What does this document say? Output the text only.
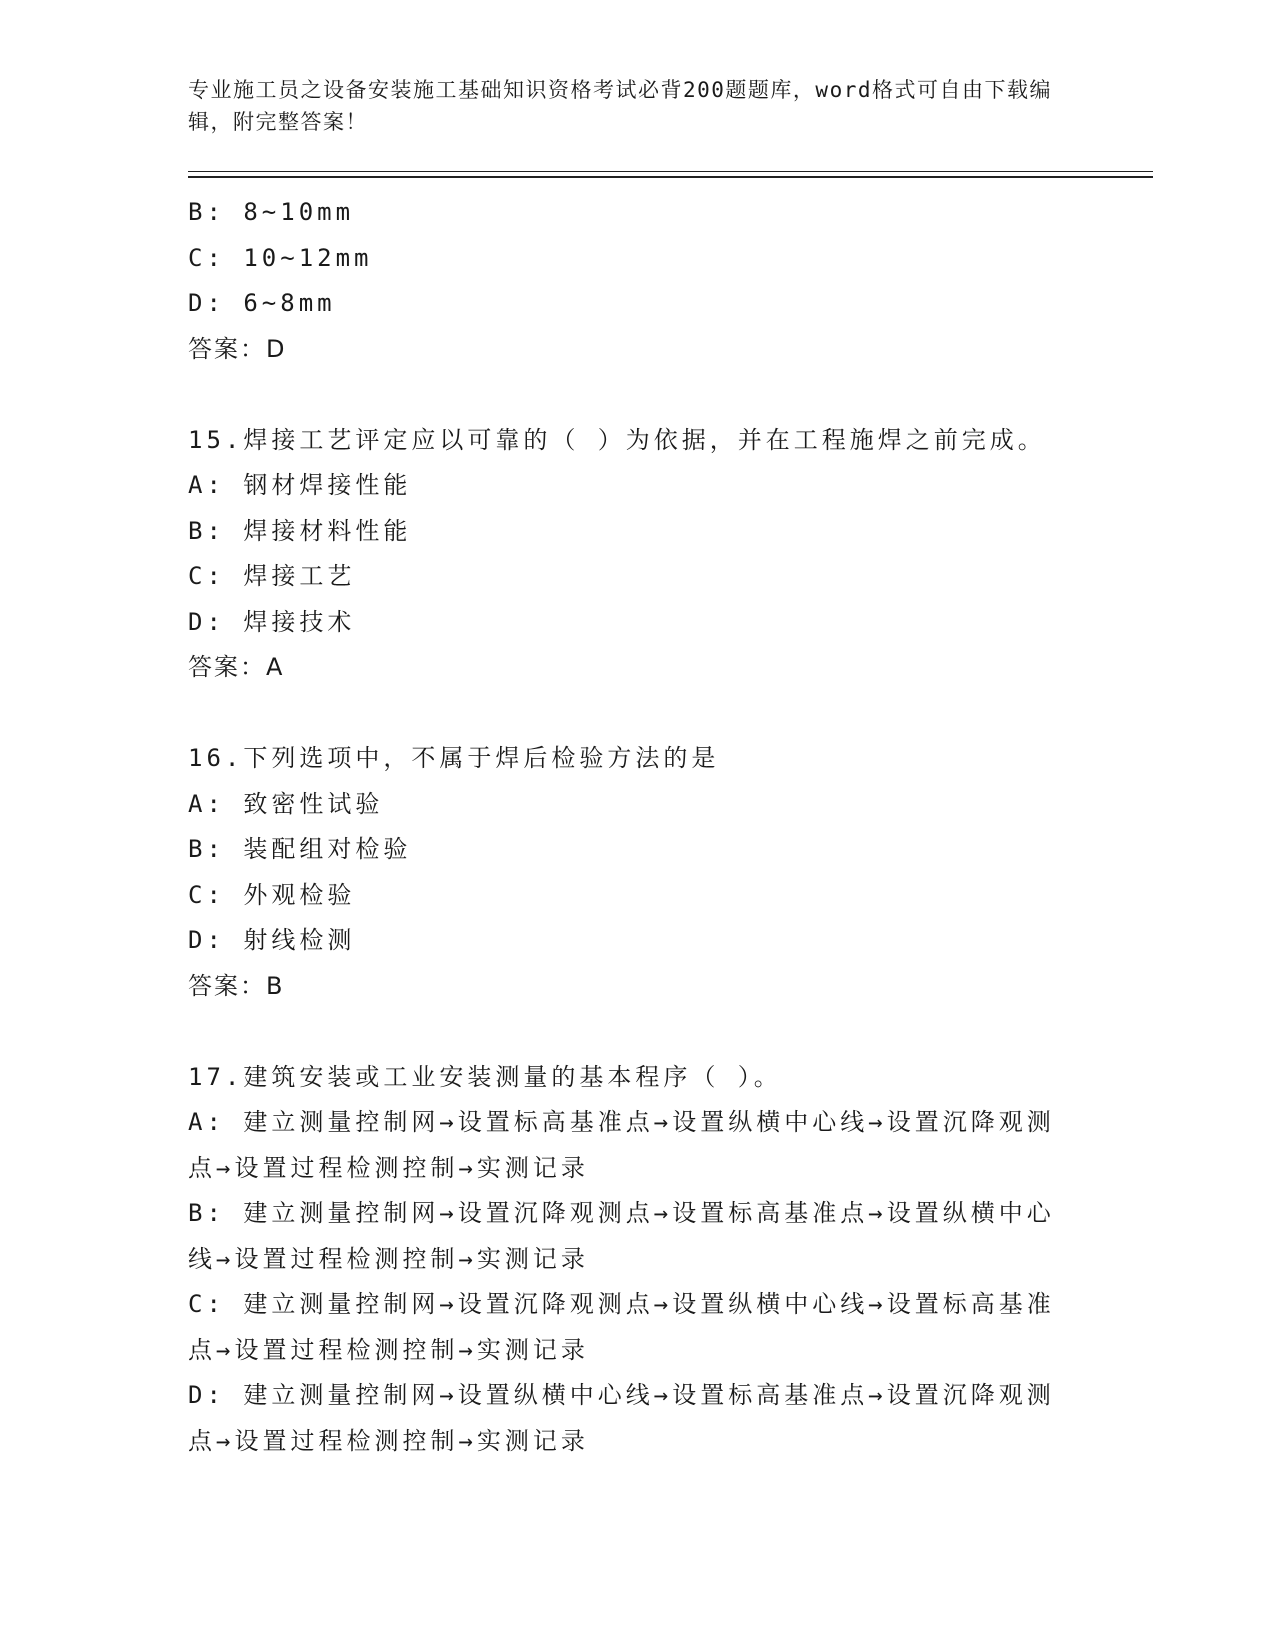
专业施工员之设备安装施工基础知识资格考试必背200题题库，word格式可自由下载编辑，附完整答案！
B: 8~10mm
C: 10~12mm
D: 6~8mm
答案：D
15.焊接工艺评定应以可靠的（ ）为依据，并在工程施焊之前完成。
A: 钢材焊接性能
B: 焊接材料性能
C: 焊接工艺
D: 焊接技术
答案：A
16.下列选项中，不属于焊后检验方法的是
A: 致密性试验
B: 装配组对检验
C: 外观检验
D: 射线检测
答案：B
17.建筑安装或工业安装测量的基本程序（ ）。
A: 建立测量控制网→设置标高基准点→设置纵横中心线→设置沉降观测点→设置过程检测控制→实测记录
B: 建立测量控制网→设置沉降观测点→设置标高基准点→设置纵横中心线→设置过程检测控制→实测记录
C: 建立测量控制网→设置沉降观测点→设置纵横中心线→设置标高基准点→设置过程检测控制→实测记录
D: 建立测量控制网→设置纵横中心线→设置标高基准点→设置沉降观测点→设置过程检测控制→实测记录
